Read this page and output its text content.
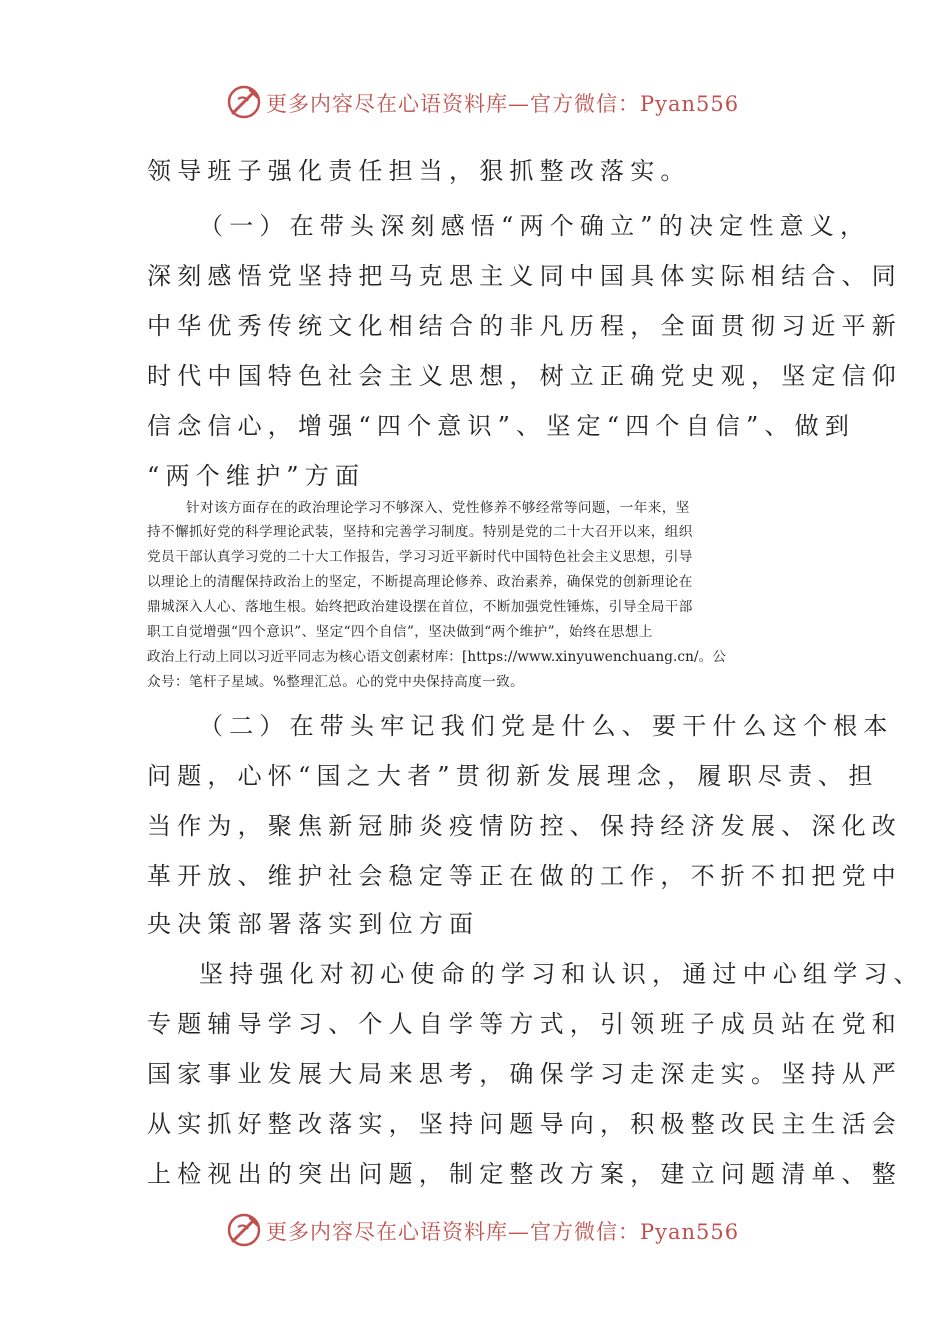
更多内容尽在心语资料库—官方微信：Pyan556
领导班子强化责任担当，狠抓整改落实。
（一）在带头深刻感悟“两个确立”的决定性意义，
深刻感悟党坚持把马克思主义同中国具体实际相结合、同
中华优秀传统文化相结合的非凡历程，全面贯彻习近平新
时代中国特色社会主义思想，树立正确党史观，坚定信仰
信念信心，增强“四个意识”、坚定“四个自信”、做到
“两个维护”方面
针对该方面存在的政治理论学习不够深入、党性修养不够经常等问题，一年来，坚
持不懈抓好党的科学理论武装，坚持和完善学习制度。特别是党的二十大召开以来，组织
党员干部认真学习党的二十大工作报告，学习习近平新时代中国特色社会主义思想，引导
以理论上的清醒保持政治上的坚定，不断提高理论修养、政治素养，确保党的创新理论在
鼎城深入人心、落地生根。始终把政治建设摆在首位，不断加强党性锤炼，引导全局干部
职工自觉增强“四个意识”、坚定“四个自信”，坚决做到“两个维护”，始终在思想上
政治上行动上同以习近平同志为核心语文创素材库：[https://www.xinyuwenchuang.cn/。公
众号：笔杆子星域。%整理汇总。心的党中央保持高度一致。
（二）在带头牢记我们党是什么、要干什么这个根本
问题，心怀“国之大者”贯彻新发展理念，履职尽责、担
当作为，聚焦新冠肺炎疫情防控、保持经济发展、深化改
革开放、维护社会稳定等正在做的工作，不折不扣把党中
央决策部署落实到位方面
坚持强化对初心使命的学习和认识，通过中心组学习、
专题辅导学习、个人自学等方式，引领班子成员站在党和
国家事业发展大局来思考，确保学习走深走实。坚持从严
从实抓好整改落实，坚持问题导向，积极整改民主生活会
上检视出的突出问题，制定整改方案，建立问题清单、整
更多内容尽在心语资料库—官方微信：Pyan556
